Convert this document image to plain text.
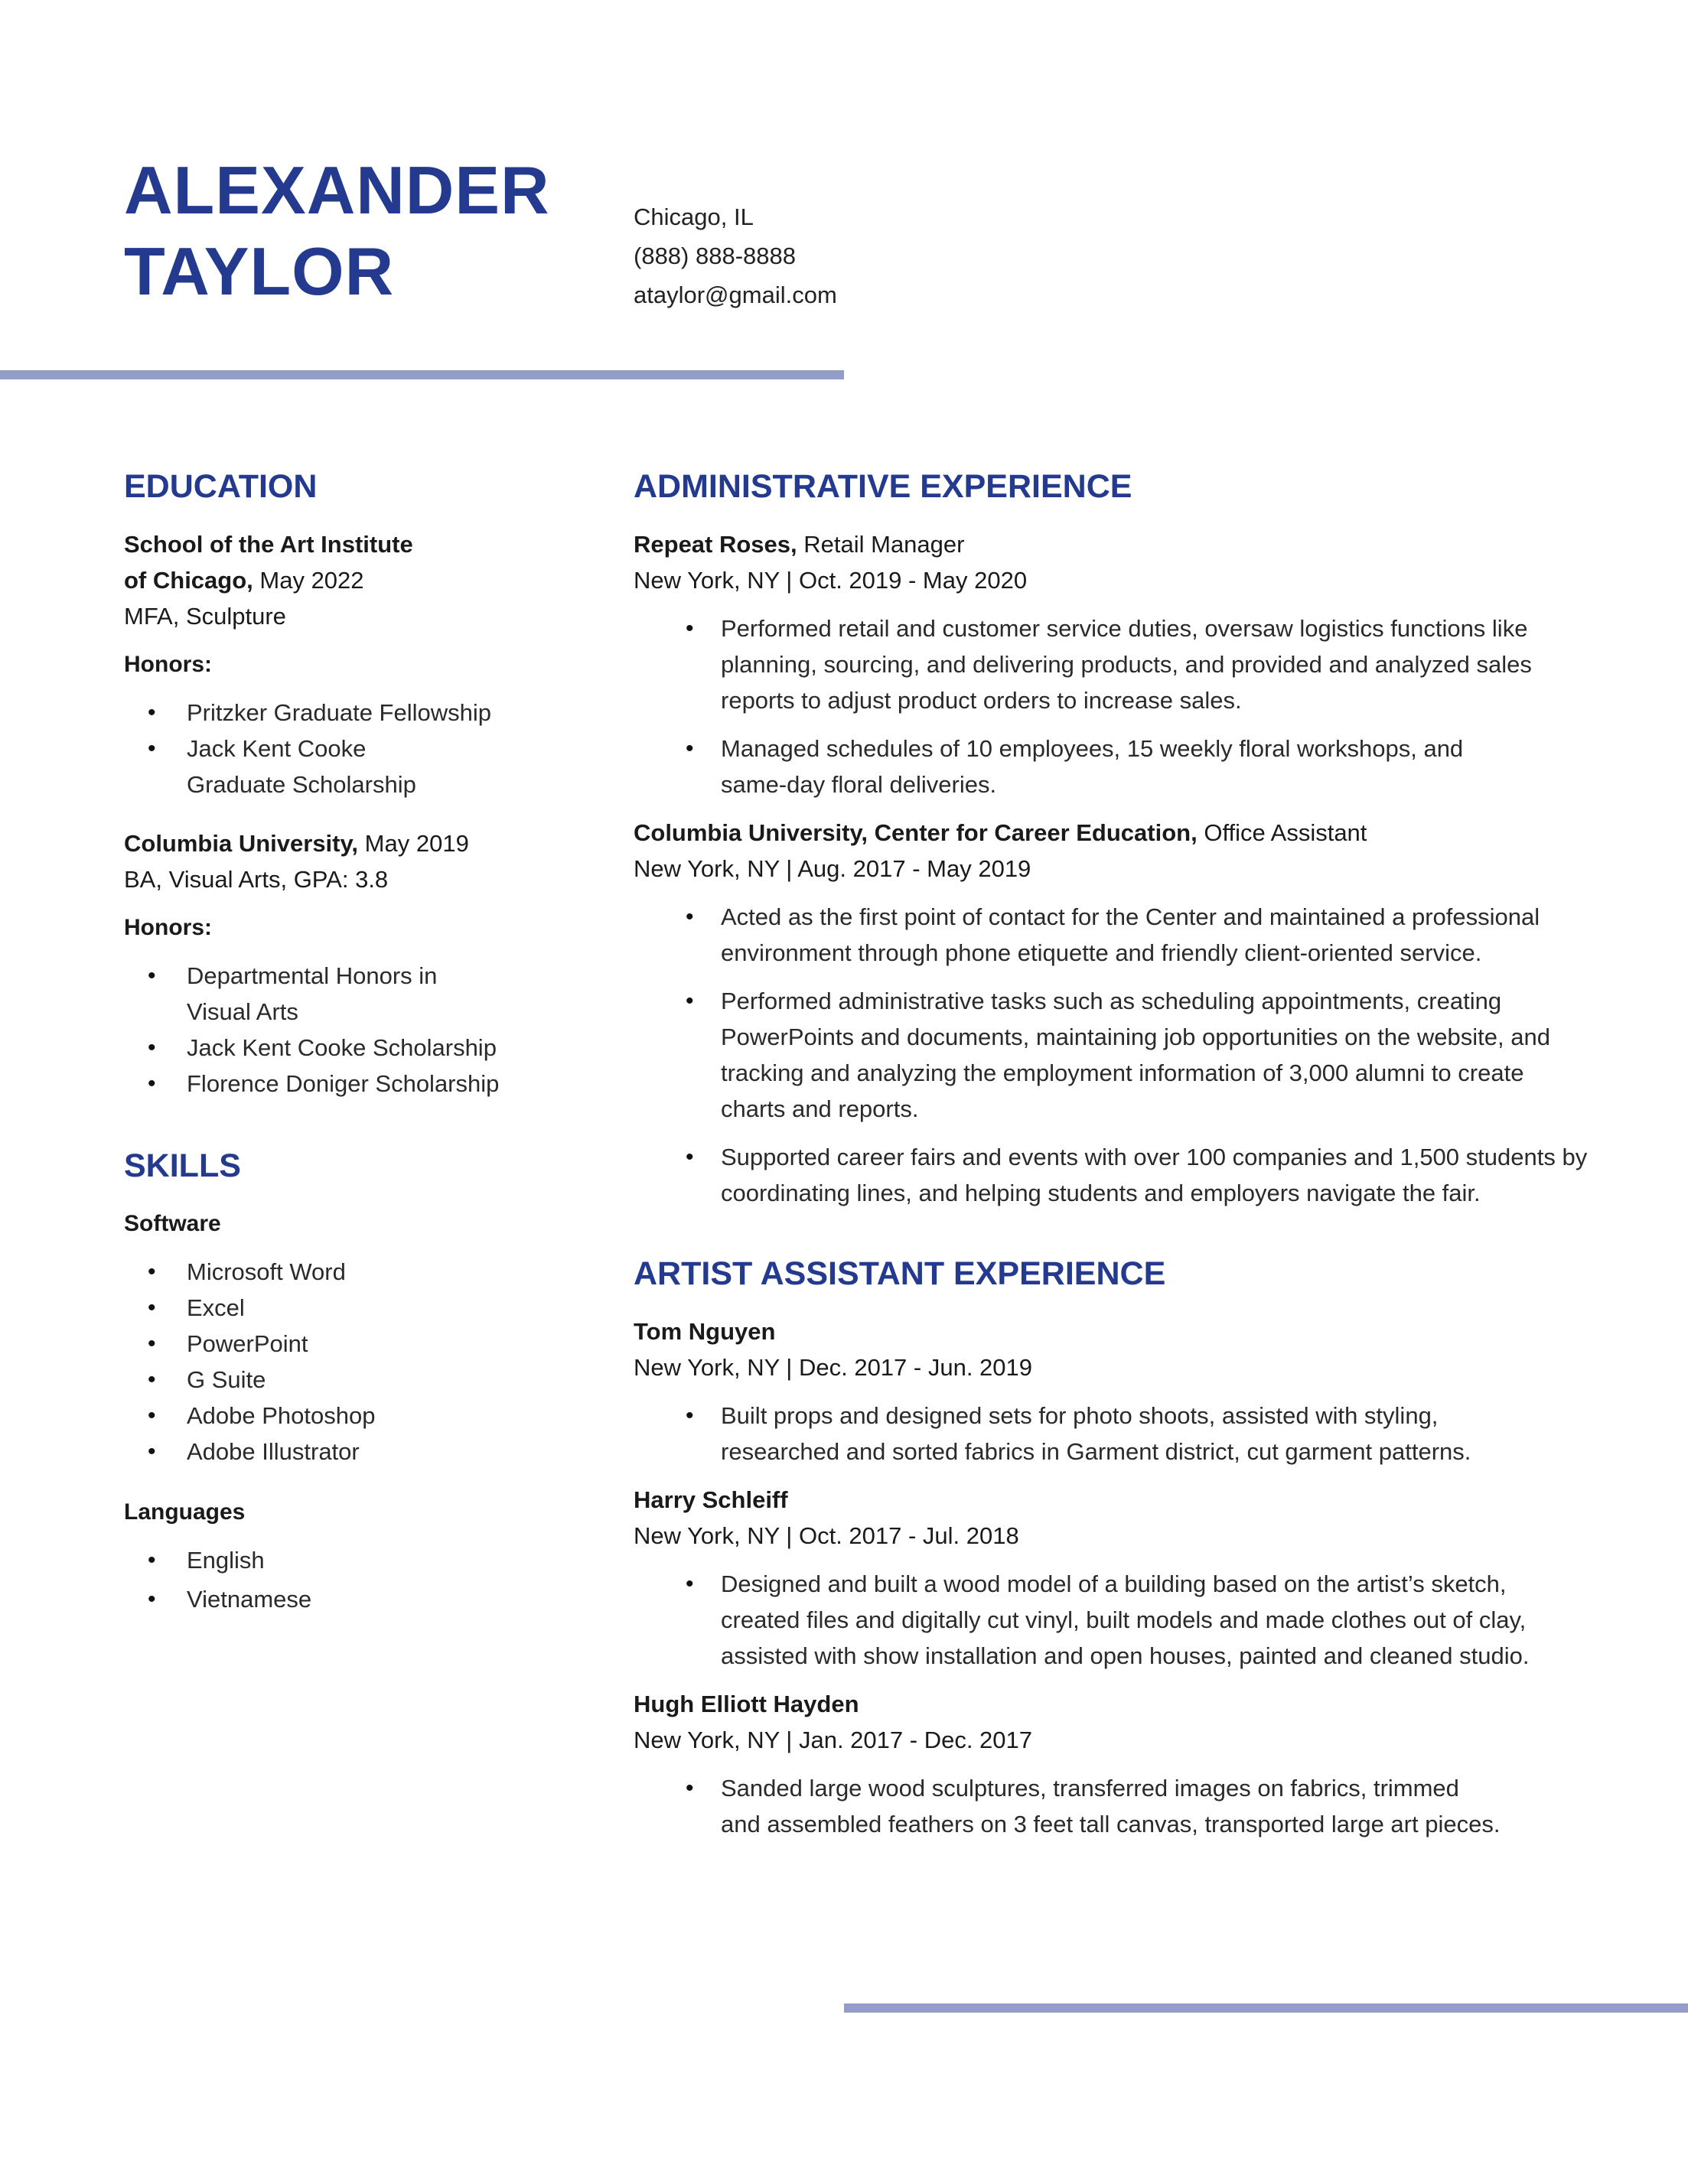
ALEXANDER
TAYLOR
Chicago, IL
(888) 888-8888
ataylor@gmail.com
EDUCATION
School of the Art Institute
of Chicago, May 2022
MFA, Sculpture
Honors:
• Pritzker Graduate Fellowship
• Jack Kent Cooke
Graduate Scholarship
Columbia University, May 2019
BA, Visual Arts, GPA: 3.8
Honors:
• Departmental Honors in
Visual Arts
• Jack Kent Cooke Scholarship
• Florence Doniger Scholarship
SKILLS
Software
• Microsoft Word
• Excel
• PowerPoint
• G Suite
• Adobe Photoshop
• Adobe Illustrator
Languages
• English
• Vietnamese
ADMINISTRATIVE EXPERIENCE
Repeat Roses, Retail Manager
New York, NY | Oct. 2019 - May 2020
• Performed retail and customer service duties, oversaw logistics functions like
planning, sourcing, and delivering products, and provided and analyzed sales
reports to adjust product orders to increase sales.
• Managed schedules of 10 employees, 15 weekly floral workshops, and
same-day floral deliveries.
Columbia University, Center for Career Education, Office Assistant
New York, NY | Aug. 2017 - May 2019
• Acted as the first point of contact for the Center and maintained a professional
environment through phone etiquette and friendly client-oriented service.
• Performed administrative tasks such as scheduling appointments, creating
PowerPoints and documents, maintaining job opportunities on the website, and
tracking and analyzing the employment information of 3,000 alumni to create
charts and reports.
• Supported career fairs and events with over 100 companies and 1,500 students by
coordinating lines, and helping students and employers navigate the fair.
ARTIST ASSISTANT EXPERIENCE
Tom Nguyen
New York, NY | Dec. 2017 - Jun. 2019
• Built props and designed sets for photo shoots, assisted with styling,
researched and sorted fabrics in Garment district, cut garment patterns.
Harry Schleiff
New York, NY | Oct. 2017 - Jul. 2018
• Designed and built a wood model of a building based on the artist’s sketch,
created files and digitally cut vinyl, built models and made clothes out of clay,
assisted with show installation and open houses, painted and cleaned studio.
Hugh Elliott Hayden
New York, NY | Jan. 2017 - Dec. 2017
• Sanded large wood sculptures, transferred images on fabrics, trimmed
and assembled feathers on 3 feet tall canvas, transported large art pieces.
